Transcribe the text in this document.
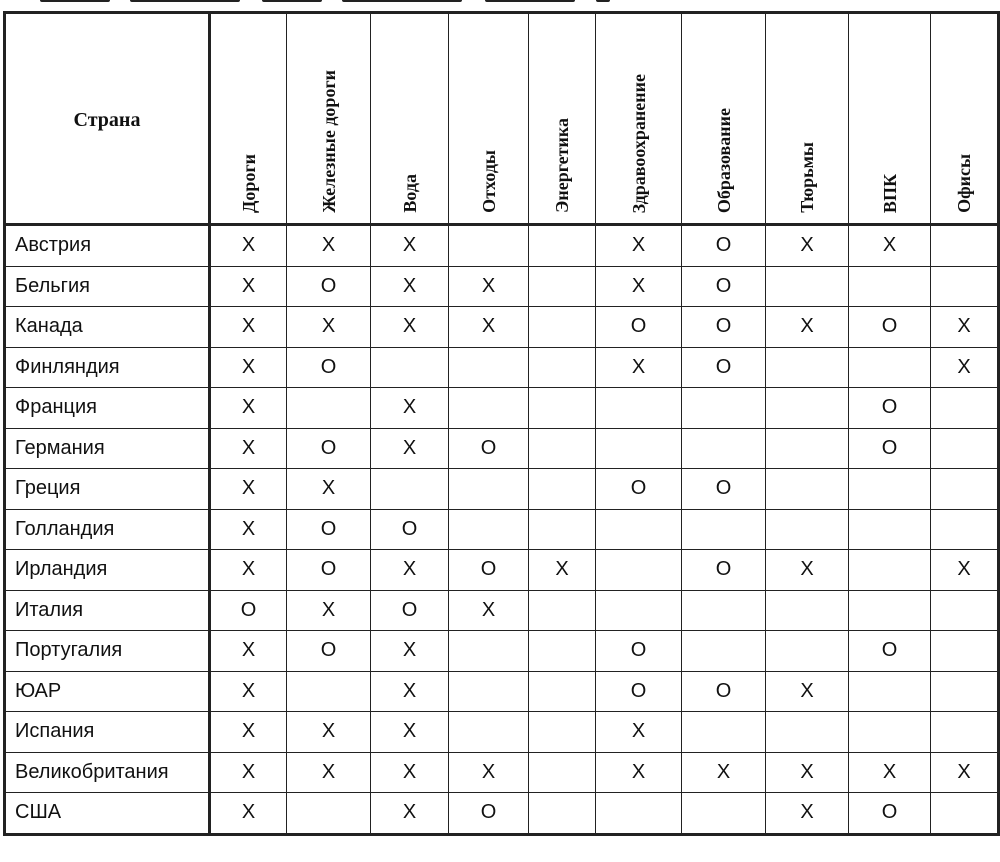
Страна	Дороги	Железные дороги	Вода	Отходы	Энергетика	Здравоохранение	Образование	Тюрьмы	ВПК	Офисы

Австрия	X	X	X			X	O	X	X	
Бельгия	X	O	X	X		X	O			
Канада	X	X	X	X		O	O	X	O	X
Финляндия	X	O				X	O			X
Франция	X		X						O	
Германия	X	O	X	O					O	
Греция	X	X				O	O			
Голландия	X	O	O							
Ирландия	X	O	X	O	X		O	X		X
Италия	O	X	O	X						
Португалия	X	O	X			O			O	
ЮАР	X		X			O	O	X		
Испания	X	X	X			X				
Великобритания	X	X	X	X		X	X	X	X	X
США	X		X	O				X	O	
